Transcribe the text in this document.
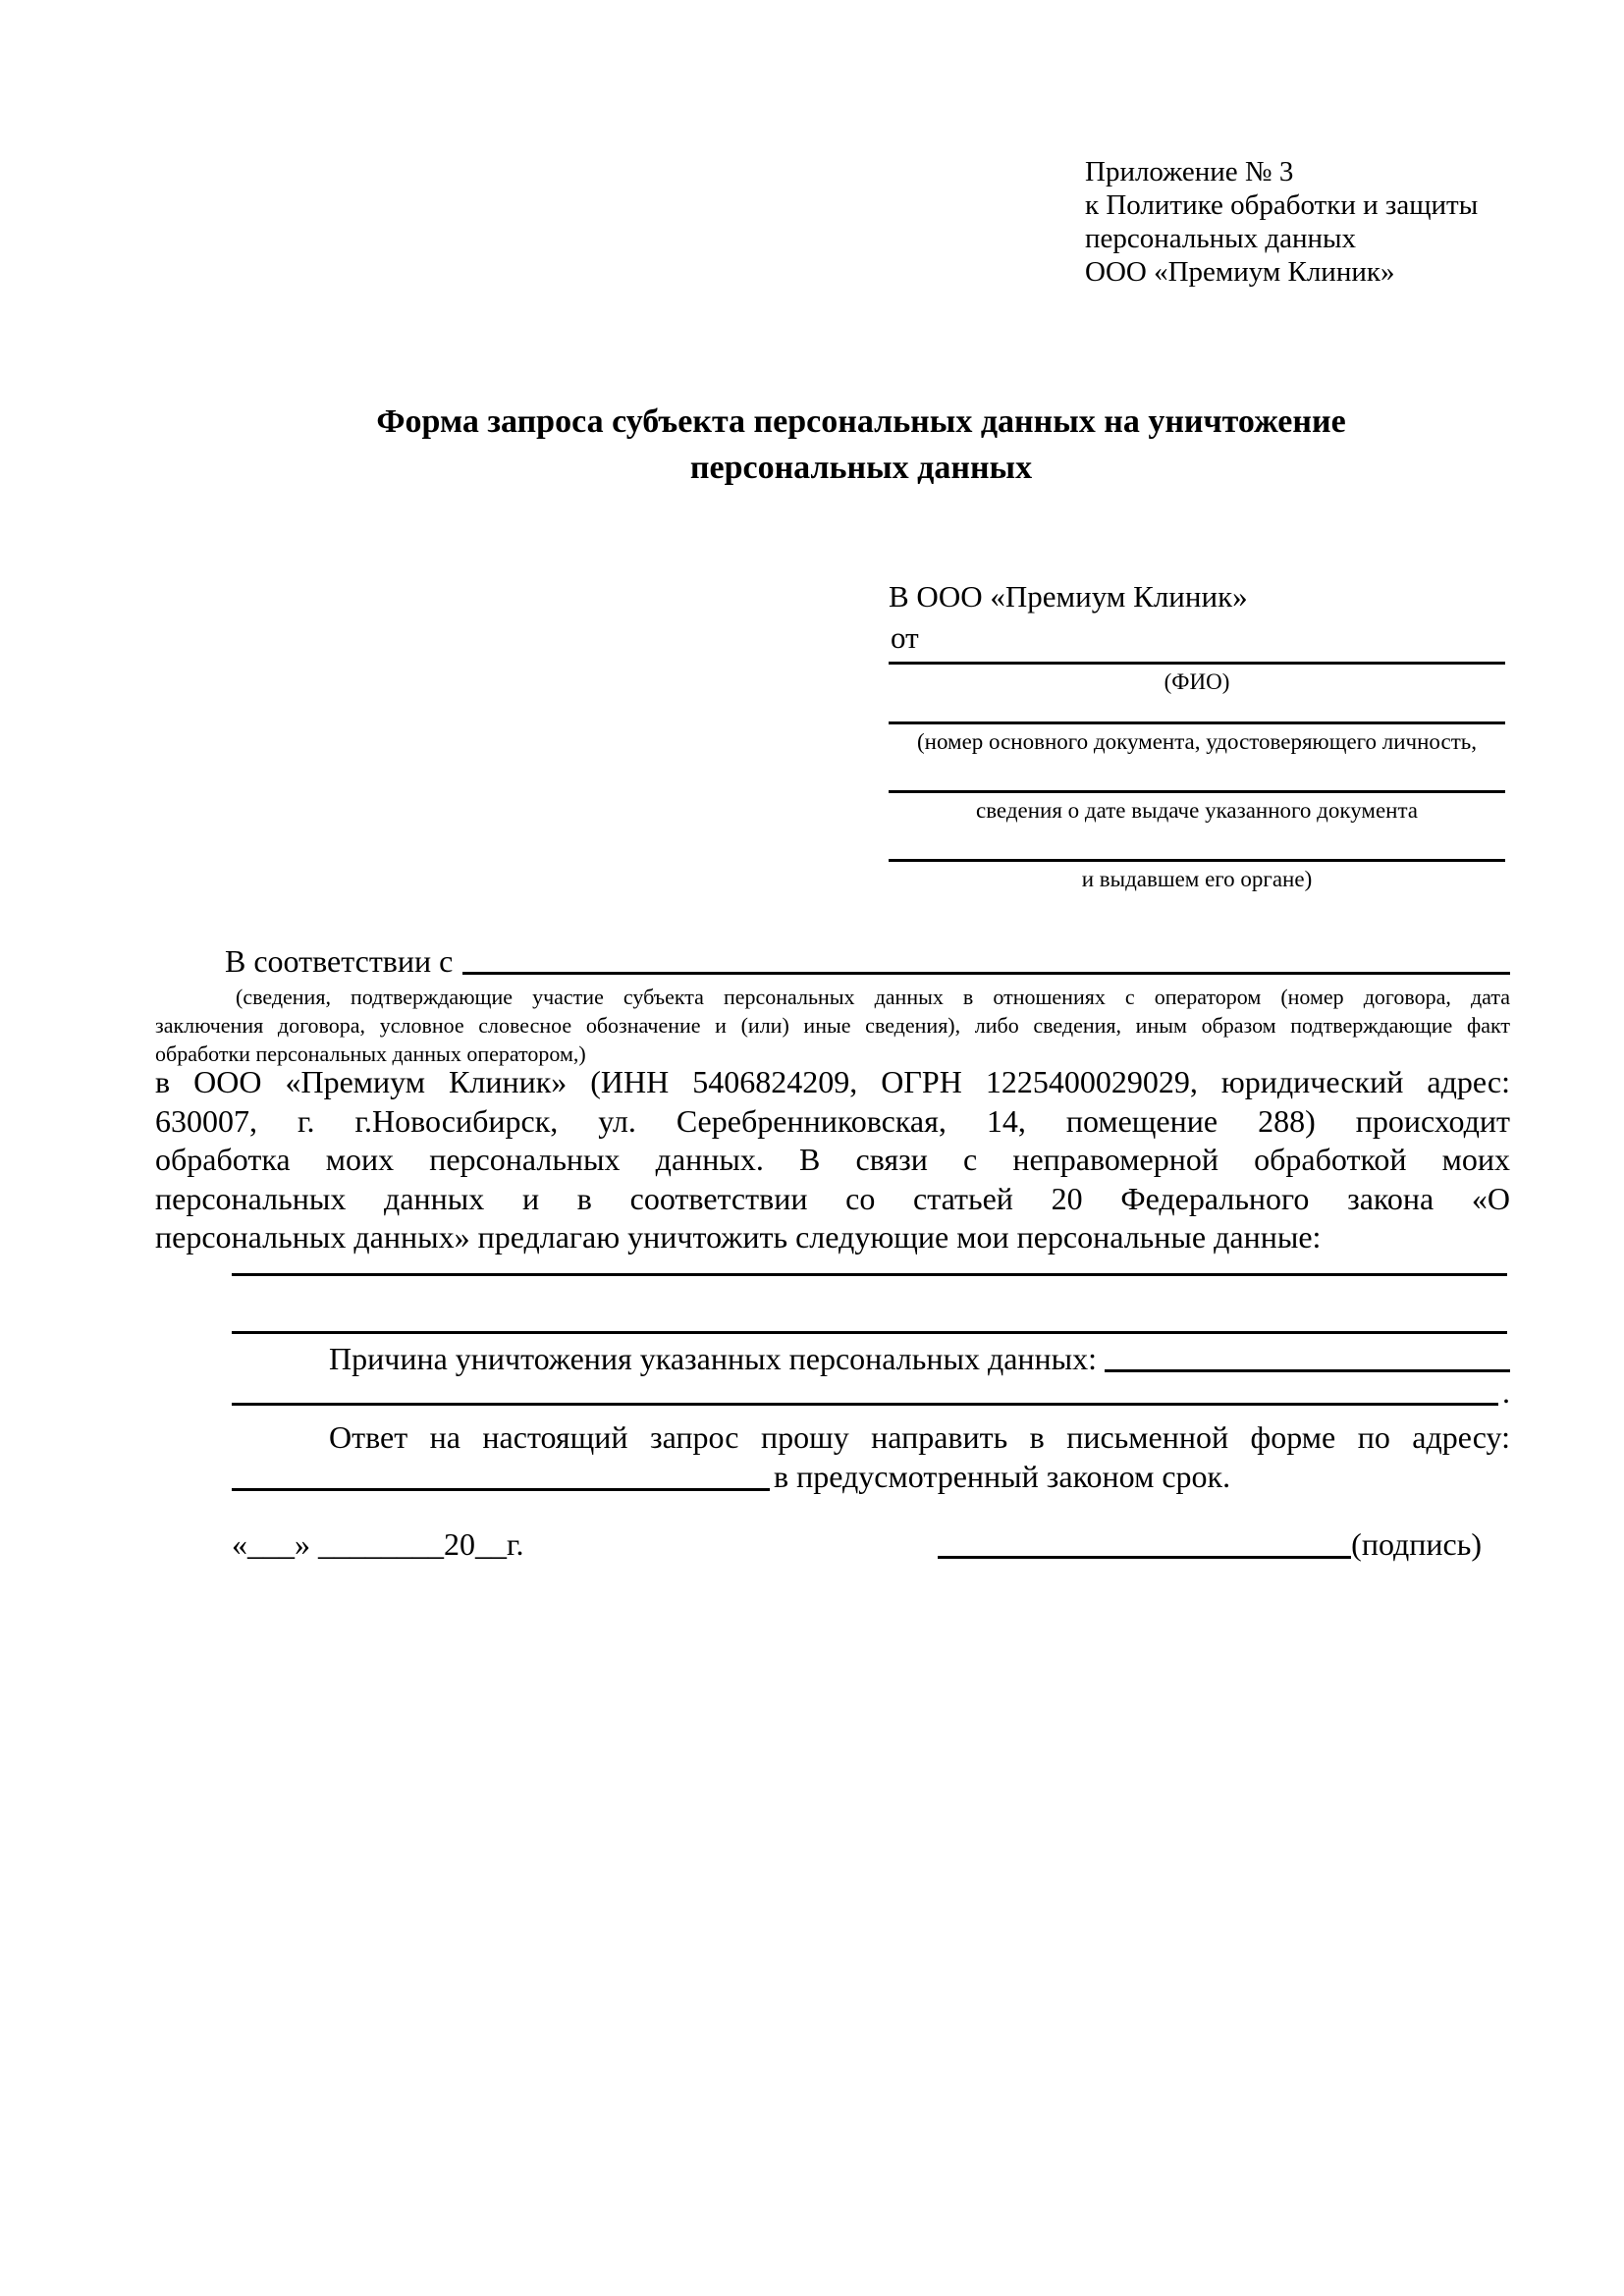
Приложение № 3
к Политике обработки и защиты
персональных данных
ООО «Премиум Клиник»
Форма запроса субъекта персональных данных на уничтожение персональных данных
В ООО «Премиум Клиник»
от
(ФИО)
(номер основного документа, удостоверяющего личность,
сведения о дате выдаче указанного документа
и выдавшем его органе)
В соответствии с
(сведения, подтверждающие участие субъекта персональных данных в отношениях с оператором (номер договора, дата
заключения договора, условное словесное обозначение и (или) иные сведения), либо сведения, иным образом подтверждающие факт
обработки персональных данных оператором,)
в ООО «Премиум Клиник» (ИНН 5406824209, ОГРН 1225400029029, юридический адрес:
630007, г. г.Новосибирск, ул. Серебренниковская, 14, помещение 288) происходит
обработка моих персональных данных. В связи с неправомерной обработкой моих
персональных данных и в соответствии со статьей 20 Федерального закона «О
персональных данных» предлагаю уничтожить следующие мои персональные данные:
Причина уничтожения указанных персональных данных:
.
Ответ на настоящий запрос прошу направить в письменной форме по адресу:
в предусмотренный законом срок.
«___» ________20__г.	(подпись)
